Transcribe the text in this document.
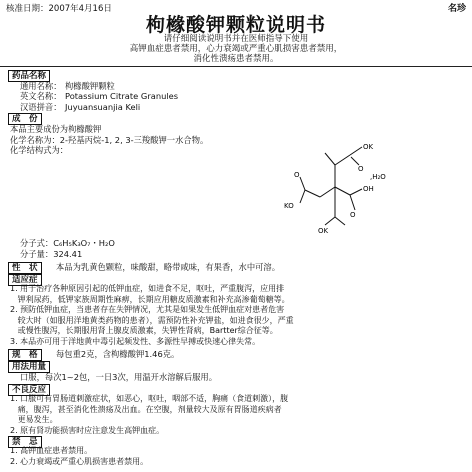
核准日期：2007年4月16日	名珍
枸橼酸钾颗粒说明书
请仔细阅读说明书并在医师指导下使用
高钾血症患者禁用，心力衰竭或严重心肌损害患者禁用，
消化性溃疡患者禁用。
药品名称
通用名称： 枸橼酸钾颗粒
英文名称： Potassium Citrate Granules
汉语拼音： Juyuansuanjia Keli
成　份
本品主要成份为枸橼酸钾
化学名称为：2-羟基丙烷-1, 2, 3-三羧酸钾一水合物。
化学结构式为：	OK
O
OH
,H₂O
O
KO
O
OK
分子式：C₆H₅K₃O₇・H₂O
分子量：324.41
性　状	本品为乳黄色颗粒，味酸甜，略带咸味，有果香，水中可溶。
适应症
1. 用于治疗各种原因引起的低钾血症，如进食不足，呕吐，严重腹泻，应用排
钾利尿药，低钾家族周期性麻痹，长期应用糖皮质激素和补充高渗葡萄糖等。
2. 预防低钾血症，当患者存在失钾情况，尤其是如果发生低钾血症对患者危害
较大时（如服用洋地黄类药物的患者），需预防性补充钾盐，如进食很少，严重
或慢性腹泻，长期服用肾上腺皮质激素，失钾性肾病，Bartter综合征等。
3. 本品亦可用于洋地黄中毒引起频发性、多源性早搏或快速心律失常。
规　格	每包重2克，含枸橼酸钾1.46克。
用法用量
口服，每次1~2包，一日3次，用温开水溶解后服用。
不良反应
1. 口服可有胃肠道刺激症状，如恶心，呕吐，咽部不适，胸痛（食道刺激），腹
痛，腹泻，甚至消化性溃疡及出血。在空腹，剂量较大及原有胃肠道疾病者
更易发生。
2. 原有肾功能损害时应注意发生高钾血症。
禁　忌
1. 高钾血症患者禁用。
2. 心力衰竭或严重心肌损害患者禁用。
